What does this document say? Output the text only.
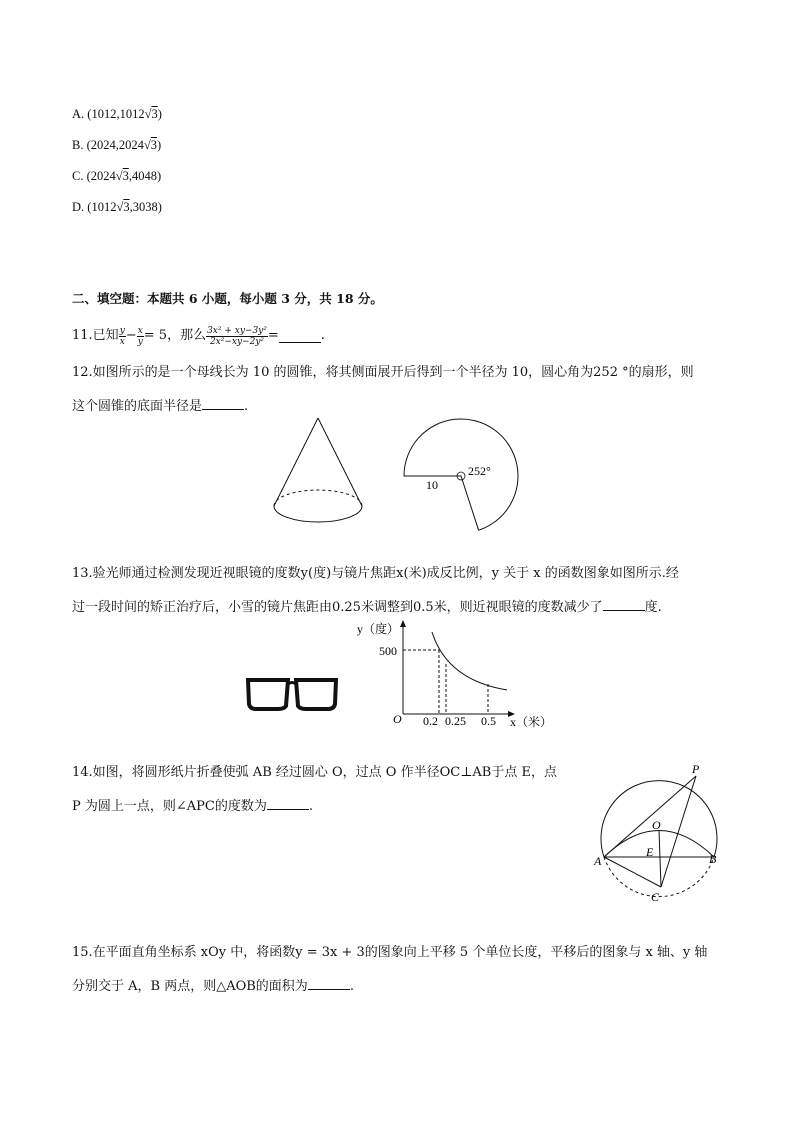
A. (1012,1012√3)
B. (2024,2024√3)
C. (2024√3,4048)
D. (1012√3,3038)
二、填空题：本题共 6 小题，每小题 3 分，共 18 分。
11.已知 $\frac{y}{x} - \frac{x}{y} = 5$，那么 $\frac{\text{3x² + xy−3y²}}{\text{2x²−xy−2y²}}$ =	.
12.如图所示的是一个母线长为 10 的圆锥，将其侧面展开后得到一个半径为 10，圆心角为252 °的扇形，则
这个圆锥的底面半径是	.
252°
10
13.验光师通过检测发现近视眼镜的度数y(度)与镜片焦距x(米)成反比例，y 关于 x 的函数图象如图所示.经
过一段时间的矫正治疗后，小雪的镜片焦距由0.25米调整到0.5米，则近视眼镜的度数减少了	度.
y（度）
x（米）
O
500
0.2 0.25 0.5
14.如图，将圆形纸片折叠使弧 AB 经过圆心 O，过点 O 作半径OC⊥AB于点 E，点
P 为圆上一点，则∠APC的度数为	.
P
O
A
E	B
C
15.在平面直角坐标系 xOy 中，将函数y = 3x + 3的图象向上平移 5 个单位长度，平移后的图象与 x 轴、y 轴
分别交于 A，B 两点，则△AOB的面积为	.
